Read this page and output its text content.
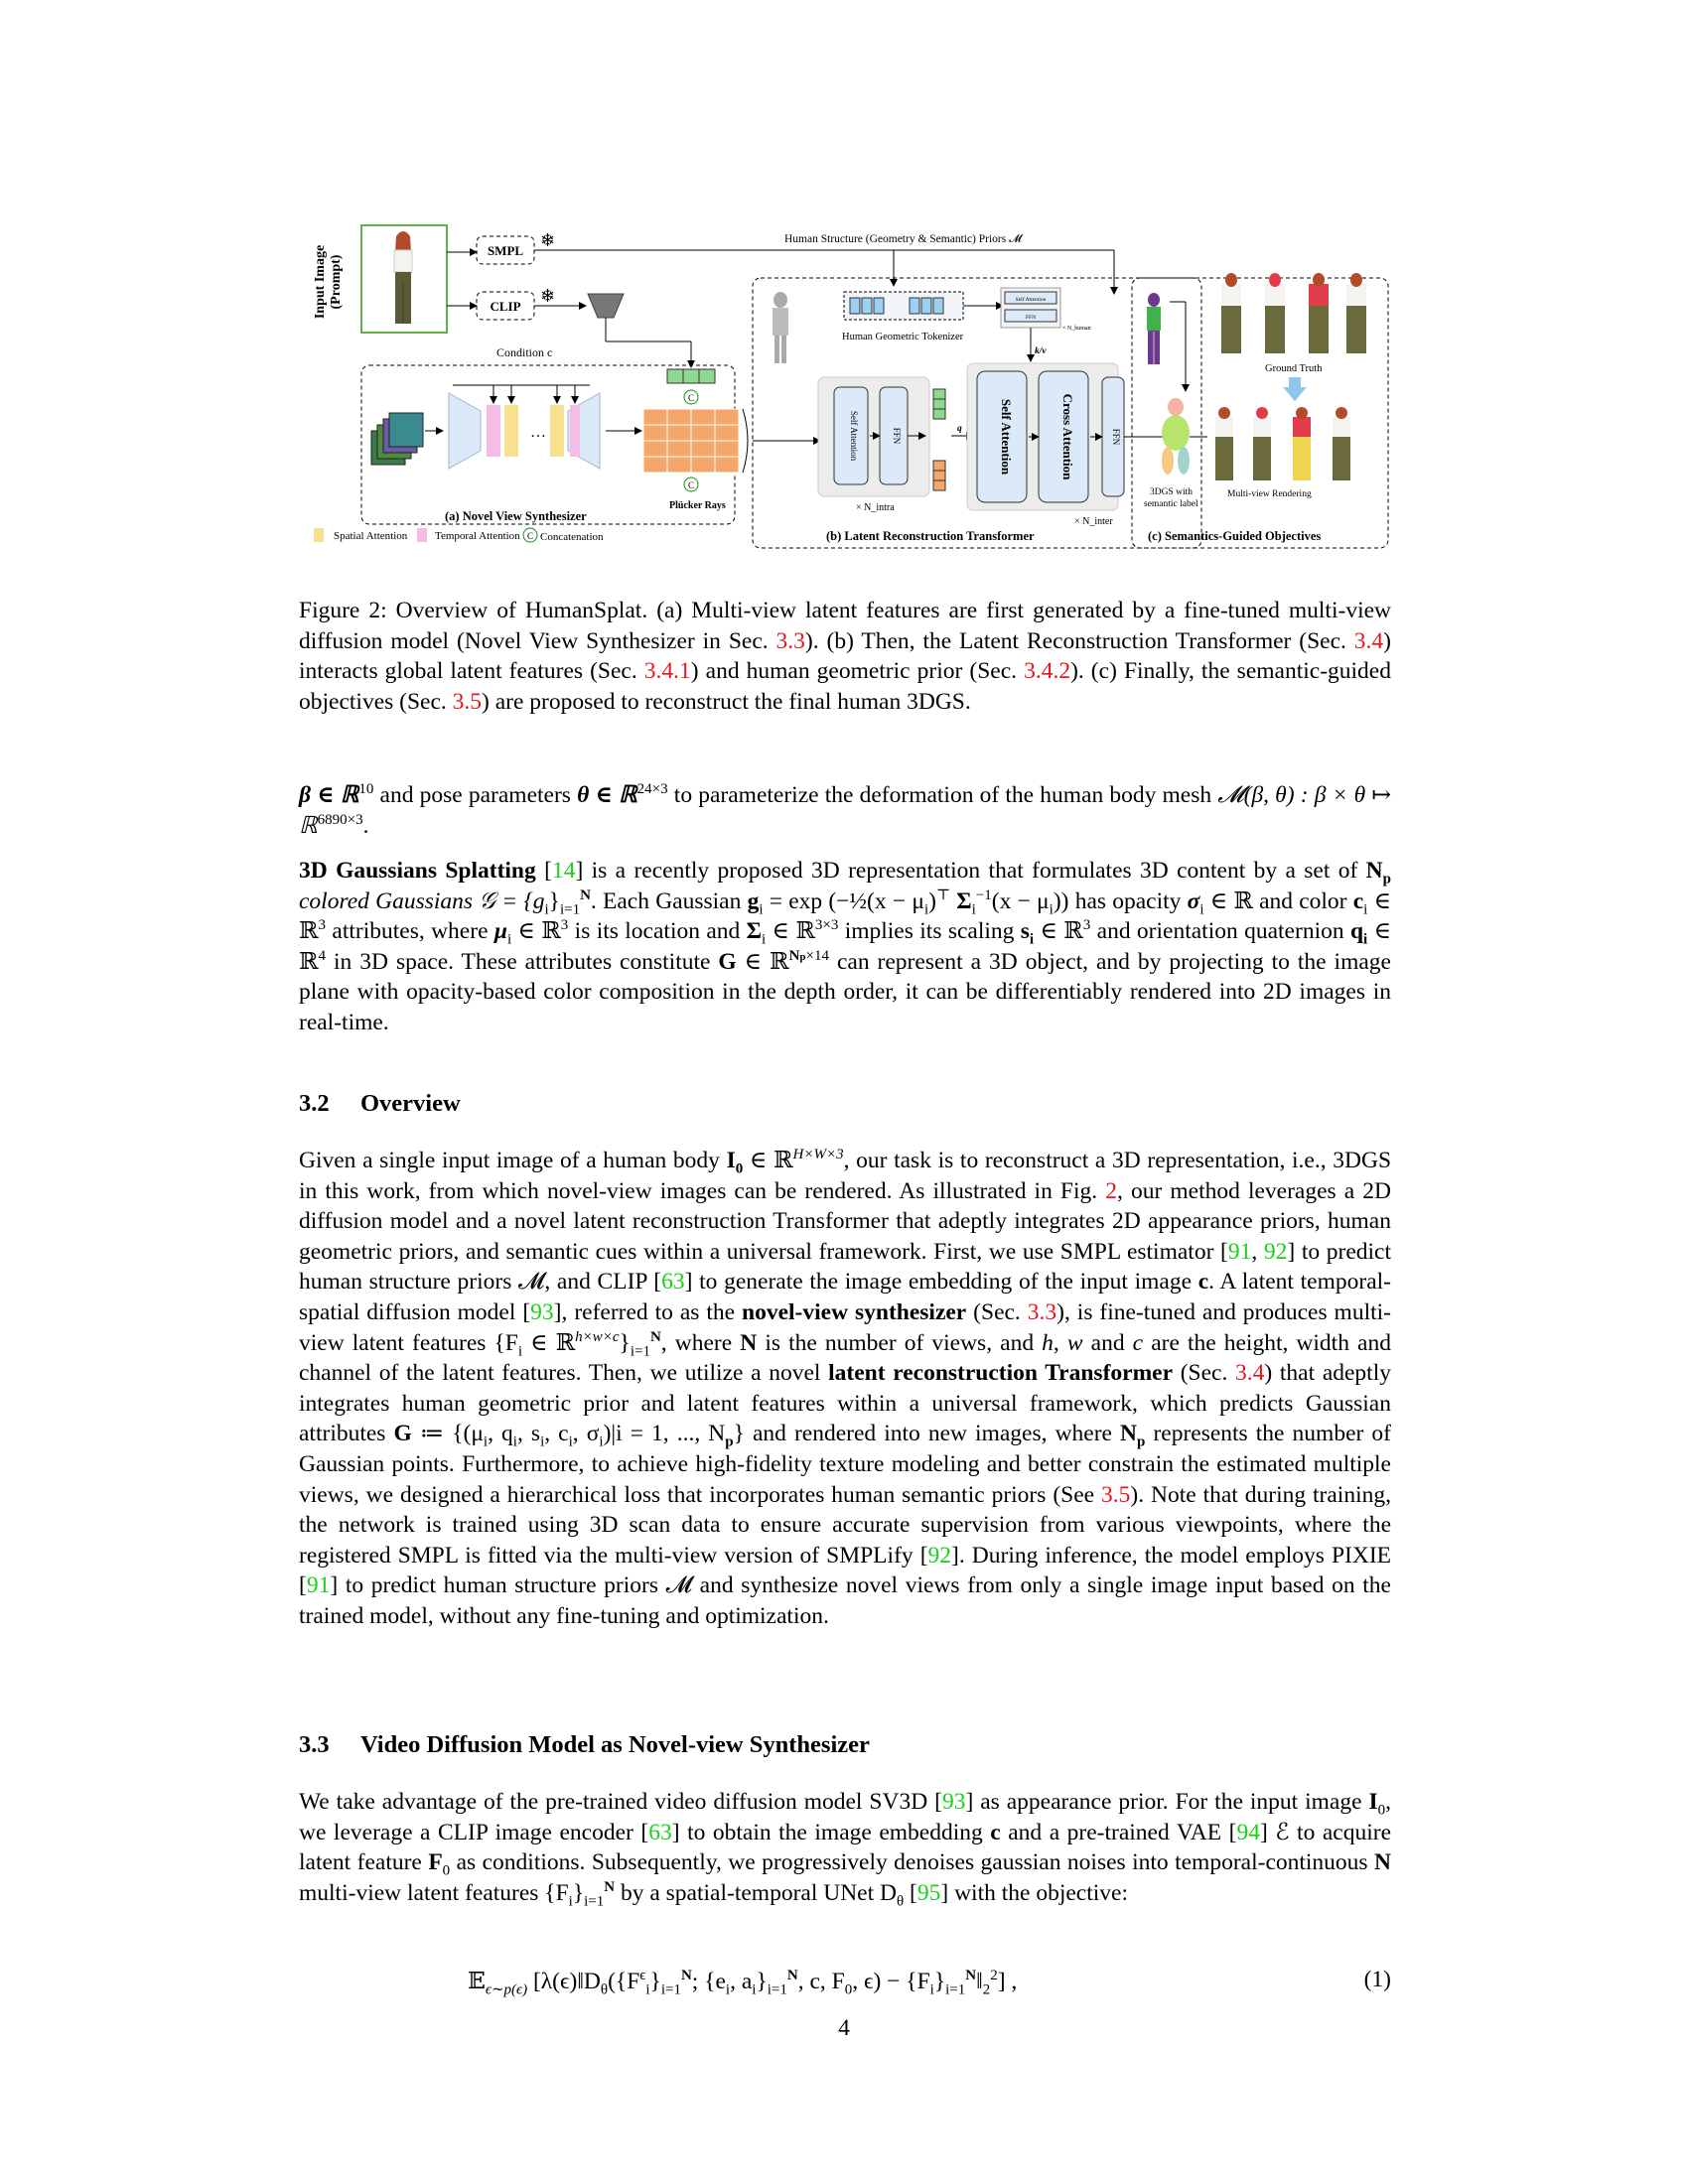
Input Image (Prompt)
SMPL
❄
CLIP
❄
Human Structure (Geometry & Semantic) Priors 𝓜
Condition c
(a) Novel View Synthesizer
…
C
C
Plücker Rays
(b) Latent Reconstruction Transformer
Human Geometric Tokenizer
Self Attention
FFN
× N_human
k/v
Self Attention	FFN
× N_intra
q	Self Attention	Cross Attention	FFN
× N_inter
(c) Semantics-Guided Objectives
Ground Truth
3DGS with
semantic label
Multi-view Rendering
Spatial Attention	Temporal Attention C Concatenation

Figure 2: Overview of HumanSplat. (a) Multi-view latent features are first generated by a fine-tuned multi-view diffusion model (Novel View Synthesizer in Sec. 3.3). (b) Then, the Latent Reconstruction Transformer (Sec. 3.4) interacts global latent features (Sec. 3.4.1) and human geometric prior (Sec. 3.4.2). (c) Finally, the semantic-guided objectives (Sec. 3.5) are proposed to reconstruct the final human 3DGS.

β ∈ ℝ$^{10}$ and pose parameters θ ∈ ℝ$^{24\times 3}$ to parameterize the deformation of the human body mesh 𝓜(β, θ) : β × θ ↦ ℝ$^{6890\times 3}$.

3D Gaussians Splatting [14] is a recently proposed 3D representation that formulates 3D content by a set of $N_p$ colored Gaussians 𝒢 = $\{g_i\}_{i=1}^N$. Each Gaussian $g_i = \exp$ (−½(x − $\mu_i)^⊤$ $\Sigma_i^{-1}(x - \mu_i)$) has opacity $\sigma_i$ ∈ ℝ and color $c_i$ ∈ ℝ$^3$ attributes, where $\mu_i$ ∈ ℝ$^3$ is its location and $\Sigma_i$ ∈ ℝ$^{3\times 3}$ implies its scaling $s_i$ ∈ ℝ$^3$ and orientation quaternion $q_i$ ∈ ℝ$^4$ in 3D space. These attributes constitute G ∈ ℝ$^{Np\times 14}$ can represent a 3D object, and by projecting to the image plane with opacity-based color composition in the depth order, it can be differentiably rendered into 2D images in real-time.

3.2 Overview

Given a single input image of a human body $I_0$ ∈ ℝ$^{H\times W\times 3}$, our task is to reconstruct a 3D representation, i.e., 3DGS in this work, from which novel-view images can be rendered. As illustrated in Fig. 2, our method leverages a 2D diffusion model and a novel latent reconstruction Transformer that adeptly integrates 2D appearance priors, human geometric priors, and semantic cues within a universal framework. First, we use SMPL estimator [91, 92] to predict human structure priors 𝓜, and CLIP [63] to generate the image embedding of the input image c. A latent temporal-spatial diffusion model [93], referred to as the novel-view synthesizer (Sec. 3.3), is fine-tuned and produces multi-view latent features {$F_i$ ∈ $ℝ^{h\times w\times c}\}_{i=1}^N$, where N is the number of views, and h, w and c are the height, width and channel of the latent features. Then, we utilize a novel latent reconstruction Transformer (Sec. 3.4) that adeptly integrates human geometric prior and latent features within a universal framework, which predicts Gaussian attributes G ≔ {($\mu_i$, $q_i$, $s_i$, $c_i$, $\sigma_i)|i = 1$, ..., $N_p$} and rendered into new images, where $N_p$ represents the number of Gaussian points. Furthermore, to achieve high-fidelity texture modeling and better constrain the estimated multiple views, we designed a hierarchical loss that incorporates human semantic priors (See 3.5). Note that during training, the network is trained using 3D scan data to ensure accurate supervision from various viewpoints, where the registered SMPL is fitted via the multi-view version of SMPLify [92]. During inference, the model employs PIXIE [91] to predict human structure priors 𝓜 and synthesize novel views from only a single image input based on the trained model, without any fine-tuning and optimization.

3.3 Video Diffusion Model as Novel-view Synthesizer

We take advantage of the pre-trained video diffusion model SV3D [93] as appearance prior. For the input image $I_0$, we leverage a CLIP image encoder [63] to obtain the image embedding c and a pre-trained VAE [94] ℰ to acquire latent feature $F_0$ as conditions. Subsequently, we progressively denoises gaussian noises into temporal-continuous N multi-view latent features $\{F_i\}_{i=1}^N$ by a spatial-temporal UNet $D_\theta$ [95] with the objective:

𝔼$_{\epsilon\sim p(\epsilon)}$ [$\lambda(\epsilon)‖D_\theta(\{F^\epsilon_i\}_{i=1}^N$; {$e_i$, $a_i\}_{i=1}^N$, c, $F_0$, $\epsilon) - \{F_i\}_{i=1}^N‖_2^2$] ,	(1)
4
